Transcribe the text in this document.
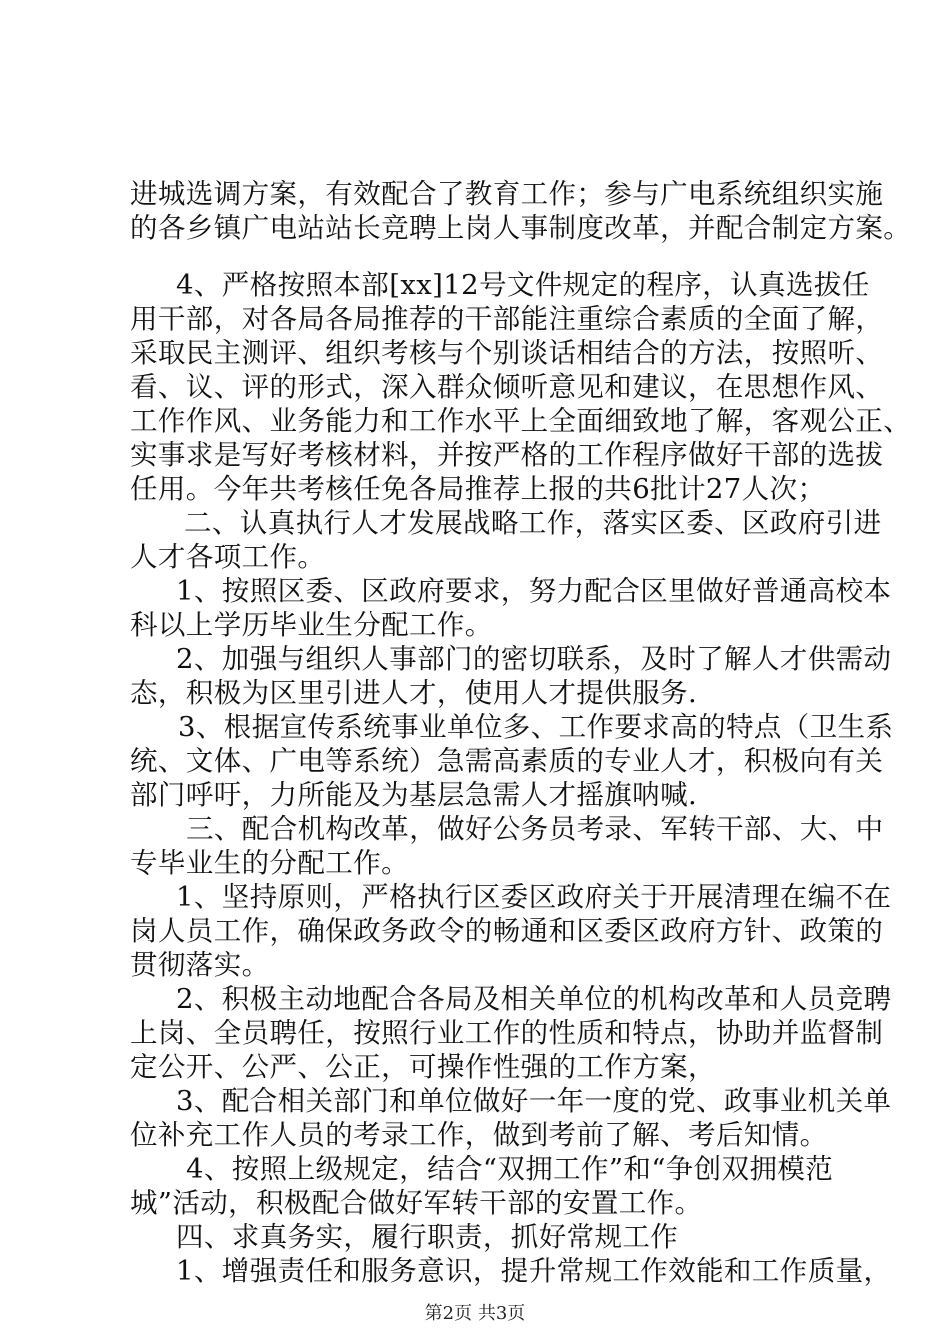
进城选调方案，有效配合了教育工作；参与广电系统组织实施
的各乡镇广电站站长竞聘上岗人事制度改革，并配合制定方案。
4、严格按照本部[xx]12号文件规定的程序，认真选拔任
用干部，对各局各局推荐的干部能注重综合素质的全面了解，
采取民主测评、组织考核与个别谈话相结合的方法，按照听、
看、议、评的形式，深入群众倾听意见和建议，在思想作风、
工作作风、业务能力和工作水平上全面细致地了解，客观公正、
实事求是写好考核材料，并按严格的工作程序做好干部的选拔
任用。今年共考核任免各局推荐上报的共6批计27人次；
二、认真执行人才发展战略工作，落实区委、区政府引进
人才各项工作。
1、按照区委、区政府要求，努力配合区里做好普通高校本
科以上学历毕业生分配工作。
2、加强与组织人事部门的密切联系，及时了解人才供需动
态，积极为区里引进人才，使用人才提供服务.
3、根据宣传系统事业单位多、工作要求高的特点（卫生系
统、文体、广电等系统）急需高素质的专业人才，积极向有关
部门呼吁，力所能及为基层急需人才摇旗呐喊.
三、配合机构改革，做好公务员考录、军转干部、大、中
专毕业生的分配工作。
1、坚持原则，严格执行区委区政府关于开展清理在编不在
岗人员工作，确保政务政令的畅通和区委区政府方针、政策的
贯彻落实。
2、积极主动地配合各局及相关单位的机构改革和人员竞聘
上岗、全员聘任，按照行业工作的性质和特点，协助并监督制
定公开、公严、公正，可操作性强的工作方案，
3、配合相关部门和单位做好一年一度的党、政事业机关单
位补充工作人员的考录工作，做到考前了解、考后知情。
4、按照上级规定，结合“双拥工作”和“争创双拥模范
城”活动，积极配合做好军转干部的安置工作。
四、求真务实，履行职责，抓好常规工作
1、增强责任和服务意识，提升常规工作效能和工作质量，
第2页 共3页
